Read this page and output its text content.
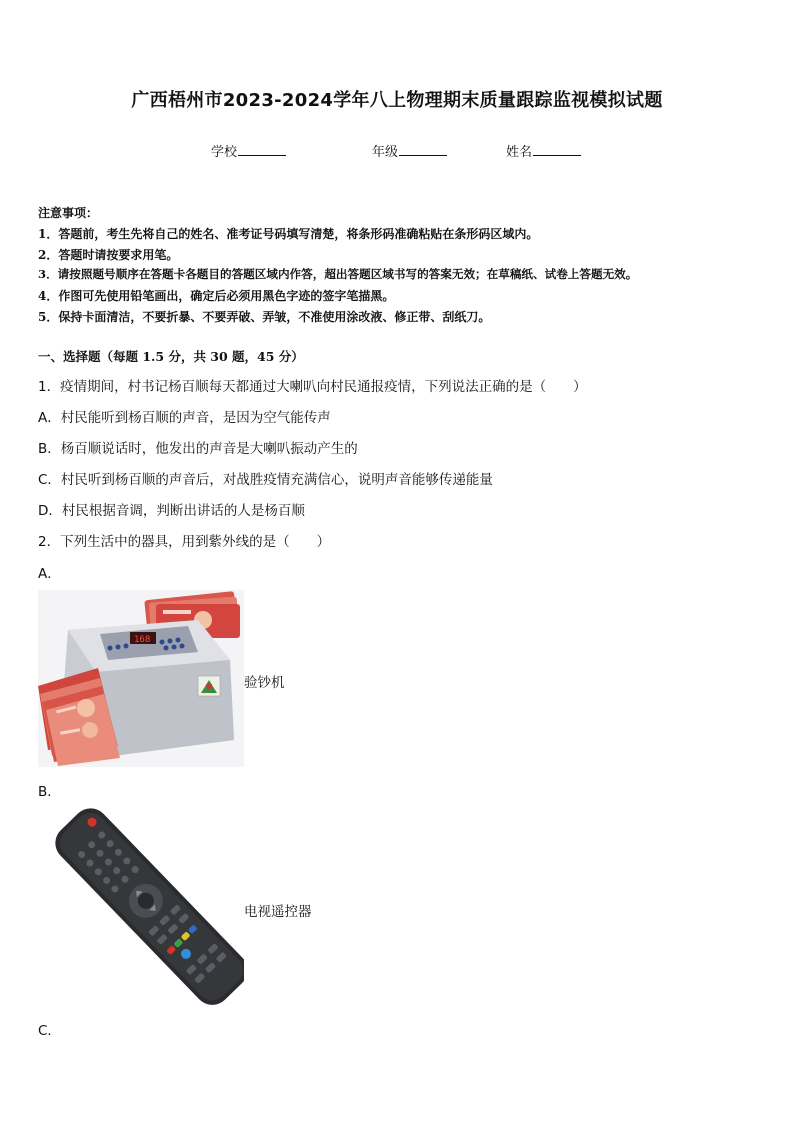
广西梧州市2023-2024学年八上物理期末质量跟踪监视模拟试题
学校	年级	姓名
注意事项：
1．答题前，考生先将自己的姓名、准考证号码填写清楚，将条形码准确粘贴在条形码区域内。
2．答题时请按要求用笔。
3．请按照题号顺序在答题卡各题目的答题区域内作答，超出答题区域书写的答案无效；在草稿纸、试卷上答题无效。
4．作图可先使用铅笔画出，确定后必须用黑色字迹的签字笔描黑。
5．保持卡面清洁，不要折暴、不要弄破、弄皱，不准使用涂改液、修正带、刮纸刀。
一、选择题（每题 1.5 分，共 30 题，45 分）
1．疫情期间，村书记杨百顺每天都通过大喇叭向村民通报疫情，下列说法正确的是（　　）
A．村民能听到杨百顺的声音，是因为空气能传声
B．杨百顺说话时，他发出的声音是大喇叭振动产生的
C．村民听到杨百顺的声音后，对战胜疫情充满信心，说明声音能够传递能量
D．村民根据音调，判断出讲话的人是杨百顺
2．下列生活中的器具，用到紫外线的是（　　）
A．
168
验钞机
B．
电视遥控器
C．
